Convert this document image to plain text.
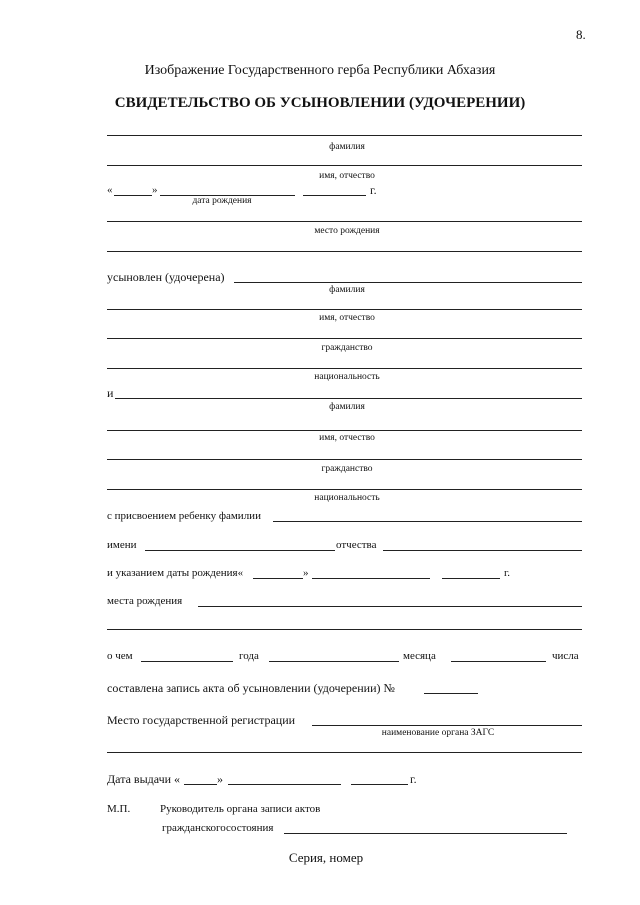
8.
Изображение Государственного герба Республики Абхазия
СВИДЕТЕЛЬСТВО ОБ УСЫНОВЛЕНИИ (УДОЧЕРЕНИИ)
фамилия
имя, отчество
«	»	г.
дата рождения
место рождения
усыновлен (удочерена)
фамилия
имя, отчество
гражданство
национальность
и
фамилия
имя, отчество
гражданство
национальность
с присвоением ребенку фамилии
имени	отчества
и указанием даты рождения«	»	г.
места рождения
о чем	года	месяца	числа
составлена запись акта об усыновлении (удочерении) №
Место государственной регистрации
наименование органа ЗАГС
Дата выдачи «	»	г.
М.П.	Руководитель органа записи актов
гражданскогосостояния
Серия, номер
